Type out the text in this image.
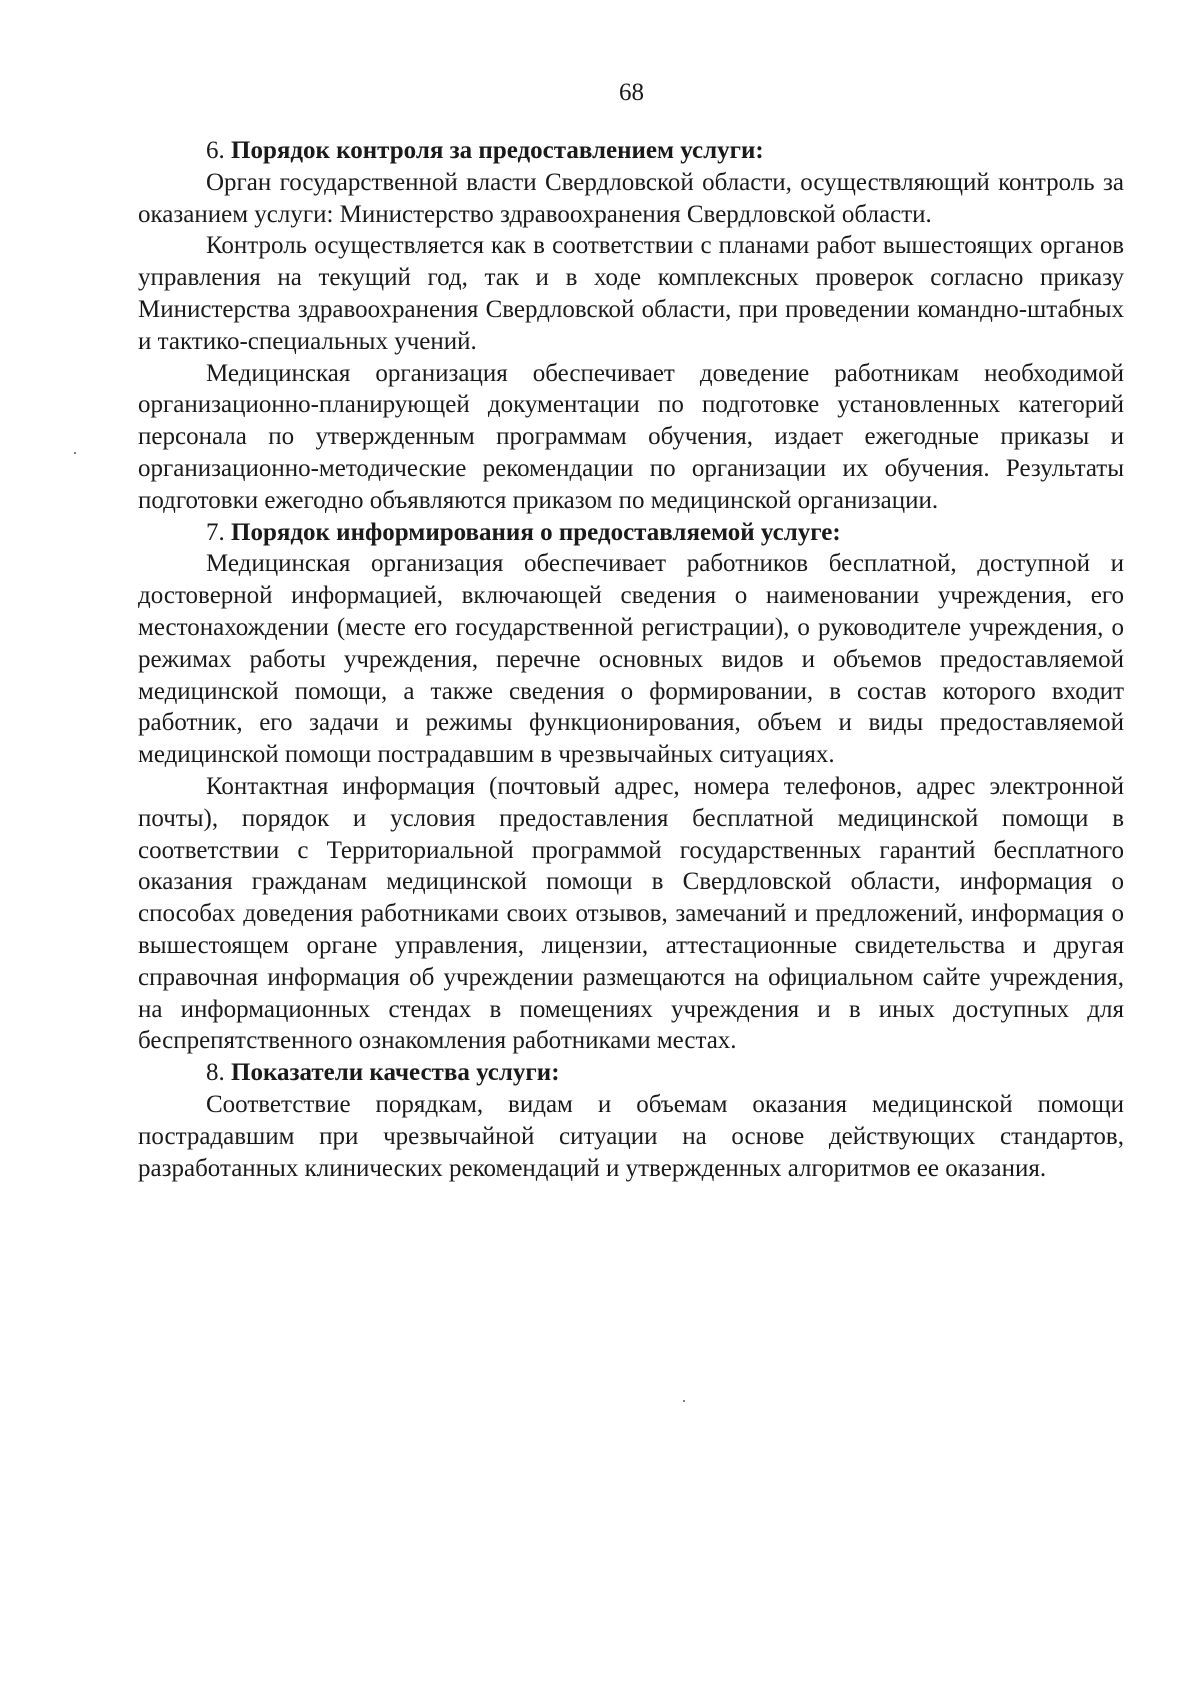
68

6. Порядок контроля за предоставлением услуги:

Орган государственной власти Свердловской области, осуществляющий контроль за оказанием услуги: Министерство здравоохранения Свердловской области.

Контроль осуществляется как в соответствии с планами работ вышестоящих органов управления на текущий год, так и в ходе комплексных проверок согласно приказу Министерства здравоохранения Свердловской области, при проведении командно-штабных и тактико-специальных учений.

Медицинская организация обеспечивает доведение работникам необходимой организационно-планирующей документации по подготовке установленных категорий персонала по утвержденным программам обучения, издает ежегодные приказы и организационно-методические рекомендации по организации их обучения. Результаты подготовки ежегодно объявляются приказом по медицинской организации.

7. Порядок информирования о предоставляемой услуге:

Медицинская организация обеспечивает работников бесплатной, доступной и достоверной информацией, включающей сведения о наименовании учреждения, его местонахождении (месте его государственной регистрации), о руководителе учреждения, о режимах работы учреждения, перечне основных видов и объемов предоставляемой медицинской помощи, а также сведения о формировании, в состав которого входит работник, его задачи и режимы функционирования, объем и виды предоставляемой медицинской помощи пострадавшим в чрезвычайных ситуациях.

Контактная информация (почтовый адрес, номера телефонов, адрес электронной почты), порядок и условия предоставления бесплатной медицинской помощи в соответствии с Территориальной программой государственных гарантий бесплатного оказания гражданам медицинской помощи в Свердловской области, информация о способах доведения работниками своих отзывов, замечаний и предложений, информация о вышестоящем органе управления, лицензии, аттестационные свидетельства и другая справочная информация об учреждении размещаются на официальном сайте учреждения, на информационных стендах в помещениях учреждения и в иных доступных для беспрепятственного ознакомления работниками местах.

8. Показатели качества услуги:

Соответствие порядкам, видам и объемам оказания медицинской помощи пострадавшим при чрезвычайной ситуации на основе действующих стандартов, разработанных клинических рекомендаций и утвержденных алгоритмов ее оказания.
